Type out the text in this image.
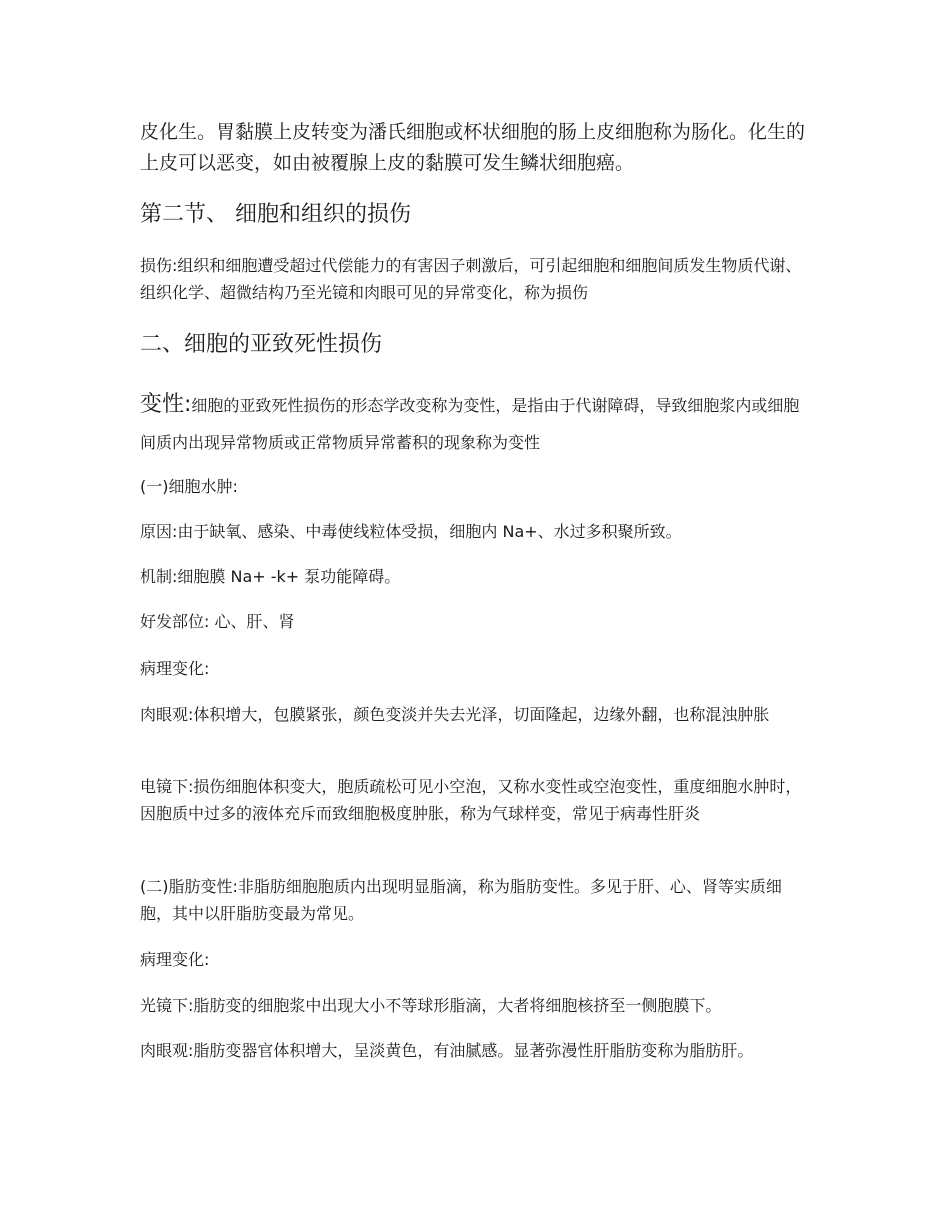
皮化生。胃黏膜上皮转变为潘氏细胞或杯状细胞的肠上皮细胞称为肠化。化生的上皮可以恶变，如由被覆腺上皮的黏膜可发生鳞状细胞癌。

第二节、 细胞和组织的损伤

损伤:组织和细胞遭受超过代偿能力的有害因子刺激后，可引起细胞和细胞间质发生物质代谢、组织化学、超微结构乃至光镜和肉眼可见的异常变化，称为损伤

二、细胞的亚致死性损伤

变性:细胞的亚致死性损伤的形态学改变称为变性，是指由于代谢障碍，导致细胞浆内或细胞间质内出现异常物质或正常物质异常蓄积的现象称为变性

(一)细胞水肿:

原因:由于缺氧、感染、中毒使线粒体受损，细胞内 Na+、水过多积聚所致。

机制:细胞膜 Na+ -k+ 泵功能障碍。

好发部位: 心、肝、肾

病理变化:

肉眼观:体积增大，包膜紧张，颜色变淡并失去光泽，切面隆起，边缘外翻，也称混浊肿胀

电镜下:损伤细胞体积变大，胞质疏松可见小空泡，又称水变性或空泡变性，重度细胞水肿时，因胞质中过多的液体充斥而致细胞极度肿胀，称为气球样变，常见于病毒性肝炎

(二)脂肪变性:非脂肪细胞胞质内出现明显脂滴，称为脂肪变性。多见于肝、心、肾等实质细胞，其中以肝脂肪变最为常见。

病理变化:

光镜下:脂肪变的细胞浆中出现大小不等球形脂滴，大者将细胞核挤至一侧胞膜下。

肉眼观:脂肪变器官体积增大，呈淡黄色，有油腻感。显著弥漫性肝脂肪变称为脂肪肝。
